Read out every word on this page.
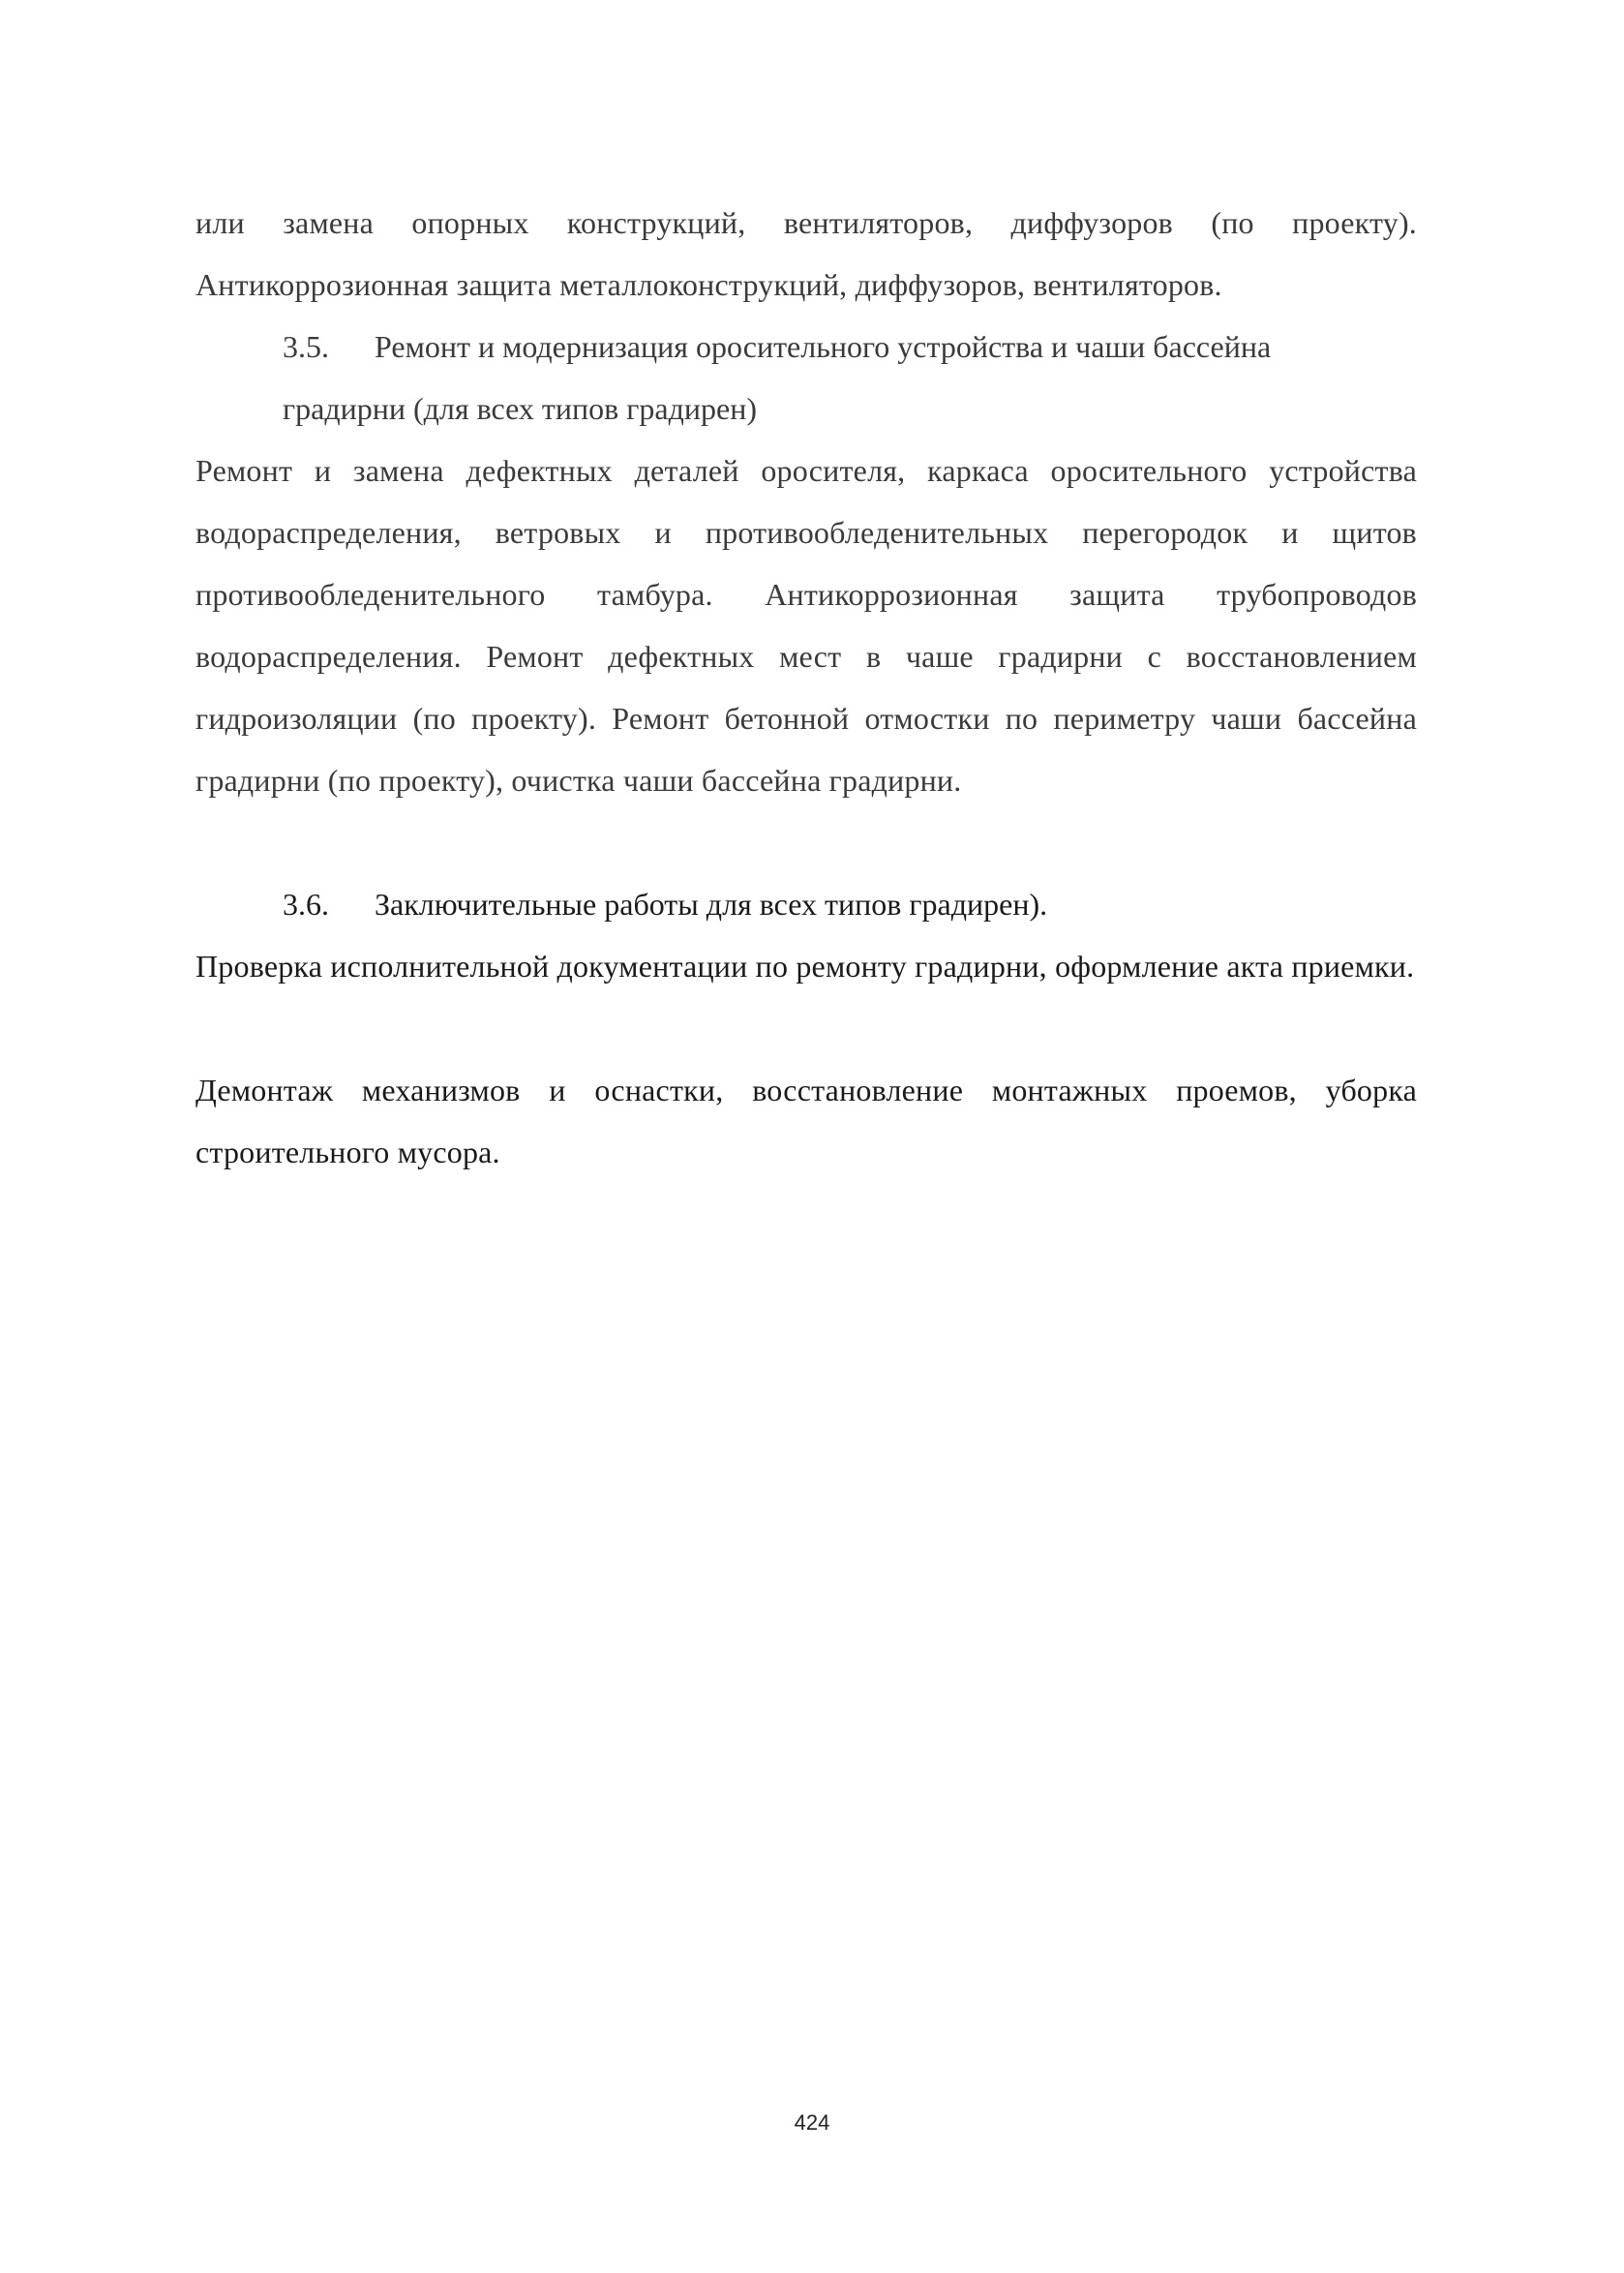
или замена опорных конструкций, вентиляторов, диффузоров (по проекту). Антикоррозионная защита металлоконструкций, диффузоров, вентиляторов.
3.5. Ремонт и модернизация оросительного устройства и чаши бассейна
градирни (для всех типов градирен)
Ремонт и замена дефектных деталей оросителя, каркаса оросительного устройства водораспределения, ветровых и противообледенительных перегородок и щитов противообледенительного тамбура. Антикоррозионная защита трубопроводов водораспределения. Ремонт дефектных мест в чаше градирни с восстановлением гидроизоляции (по проекту). Ремонт бетонной отмостки по периметру чаши бассейна градирни (по проекту), очистка чаши бассейна градирни.
3.6. Заключительные работы для всех типов градирен).
Проверка исполнительной документации по ремонту градирни, оформление акта приемки.
Демонтаж механизмов и оснастки, восстановление монтажных проемов, уборка строительного мусора.
424
